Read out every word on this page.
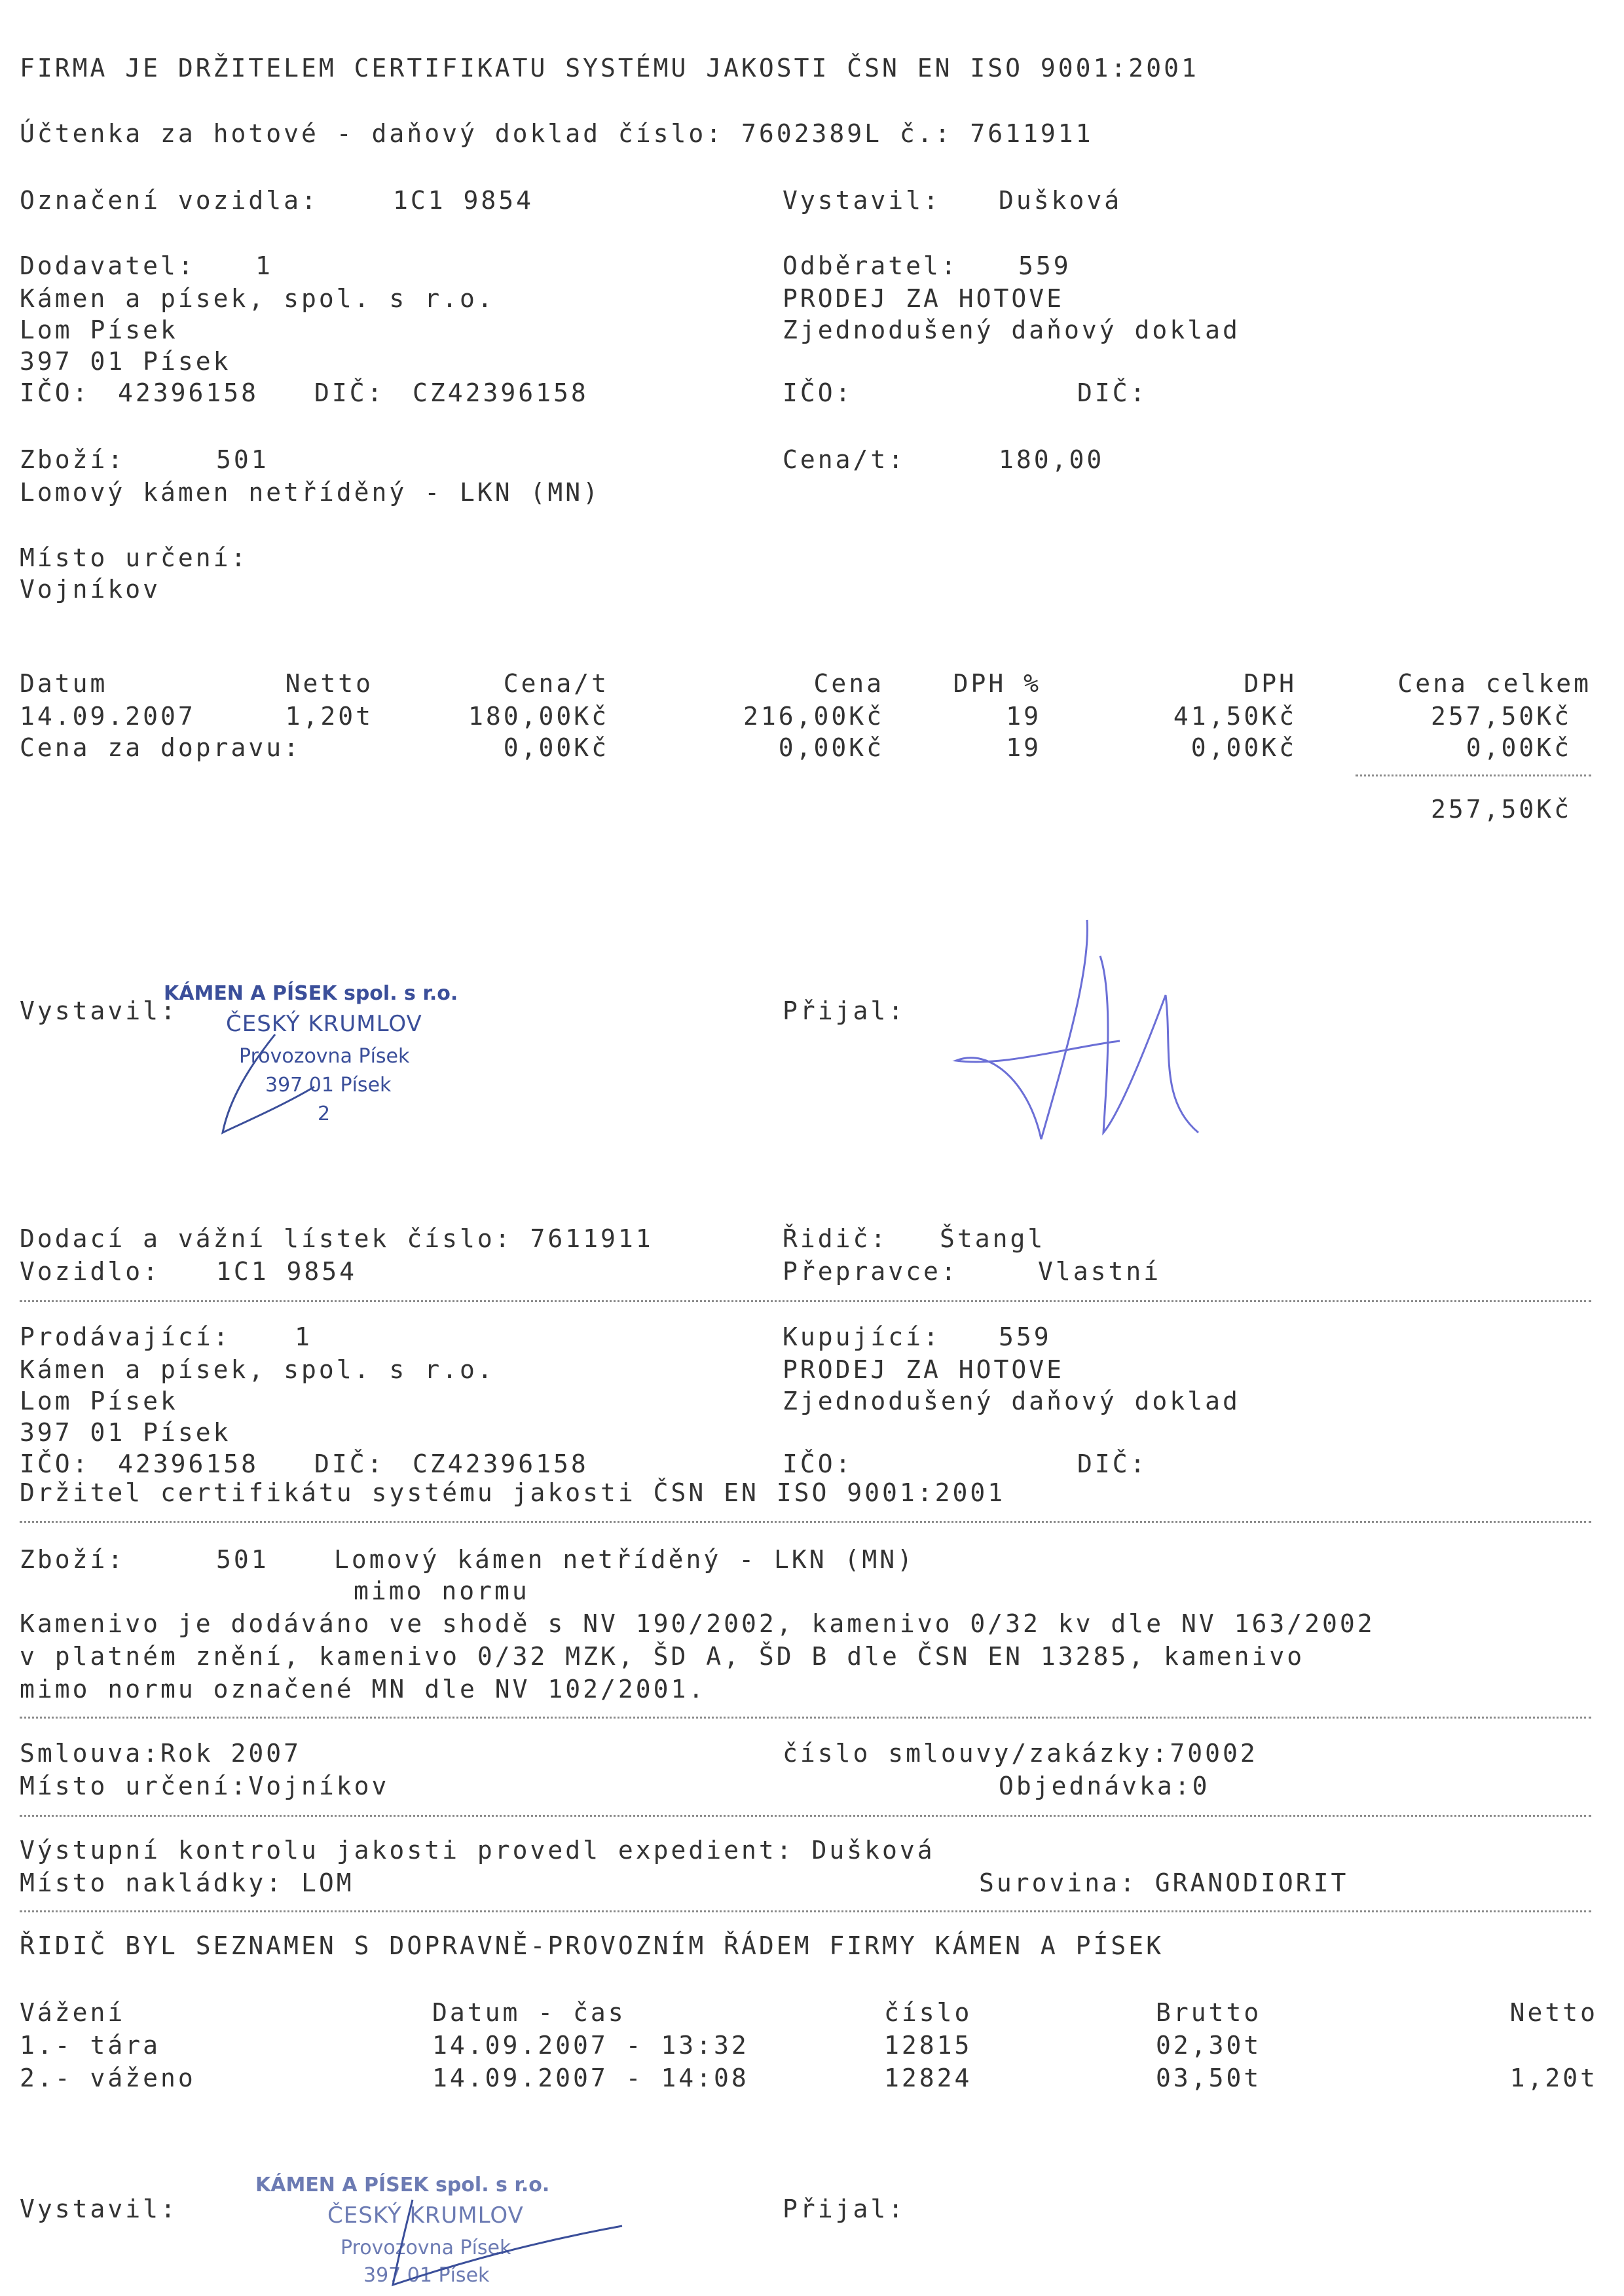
FIRMA JE DRŽITELEM CERTIFIKATU SYSTÉMU JAKOSTI ČSN EN ISO 9001:2001
Účtenka za hotové - daňový doklad číslo: 7602389L č.: 7611911
Označení vozidla:	1C1 9854	Vystavil: Dušková
Dodavatel: 1
Kámen a písek, spol. s r.o.
Lom Písek
397 01 Písek
IČO: 42396158 DIČ: CZ42396158
Odběratel: 559
PRODEJ ZA HOTOVE
Zjednodušený daňový doklad
IČO:	DIČ:
Zboží:	501
Lomový kámen netříděný - LKN (MN)
Cena/t:	180,00
Místo určení:
Vojníkov
Datum	Netto	Cena/t	Cena	DPH %	DPH	Cena celkem
14.09.2007	1,20t	180,00Kč	216,00Kč	19	41,50Kč	257,50Kč
Cena za dopravu:	0,00Kč	0,00Kč	19	0,00Kč	0,00Kč
257,50Kč
Vystavil:	Přijal:

KÁMEN A PÍSEK spol. s r.o.

ČESKÝ KRUMLOV

Provozovna Písek

397 01 Písek

2

Dodací a vážní lístek číslo: 7611911	Řidič: Štangl
Vozidlo: 1C1 9854	Přepravce:	Vlastní
Prodávající:	1
Kámen a písek, spol. s r.o.
Lom Písek
397 01 Písek
IČO: 42396158 DIČ: CZ42396158
Kupující: 559
PRODEJ ZA HOTOVE
Zjednodušený daňový doklad
IČO:	DIČ:
Držitel certifikátu systému jakosti ČSN EN ISO 9001:2001
Zboží:	501	Lomový kámen netříděný - LKN (MN)
mimo normu
Kamenivo je dodáváno ve shodě s NV 190/2002, kamenivo 0/32 kv dle NV 163/2002
v platném znění, kamenivo 0/32 MZK, ŠD A, ŠD B dle ČSN EN 13285, kamenivo
mimo normu označené MN dle NV 102/2001.
Smlouva:Rok 2007	číslo smlouvy/zakázky:70002
Místo určení:Vojníkov	Objednávka:0
Výstupní kontrolu jakosti provedl expedient: Dušková
Místo nakládky: LOM	Surovina: GRANODIORIT
ŘIDIČ BYL SEZNAMEN S DOPRAVNĚ-PROVOZNÍM ŘÁDEM FIRMY KÁMEN A PÍSEK
Vážení	Datum - čas	číslo	Brutto	Netto
1.- tára	14.09.2007 - 13:32	12815	02,30t
2.- váženo	14.09.2007 - 14:08	12824	03,50t	1,20t
Vystavil:	Přijal:

KÁMEN A PÍSEK spol. s r.o.

ČESKÝ KRUMLOV

Provozovna Písek

397 01 Písek
